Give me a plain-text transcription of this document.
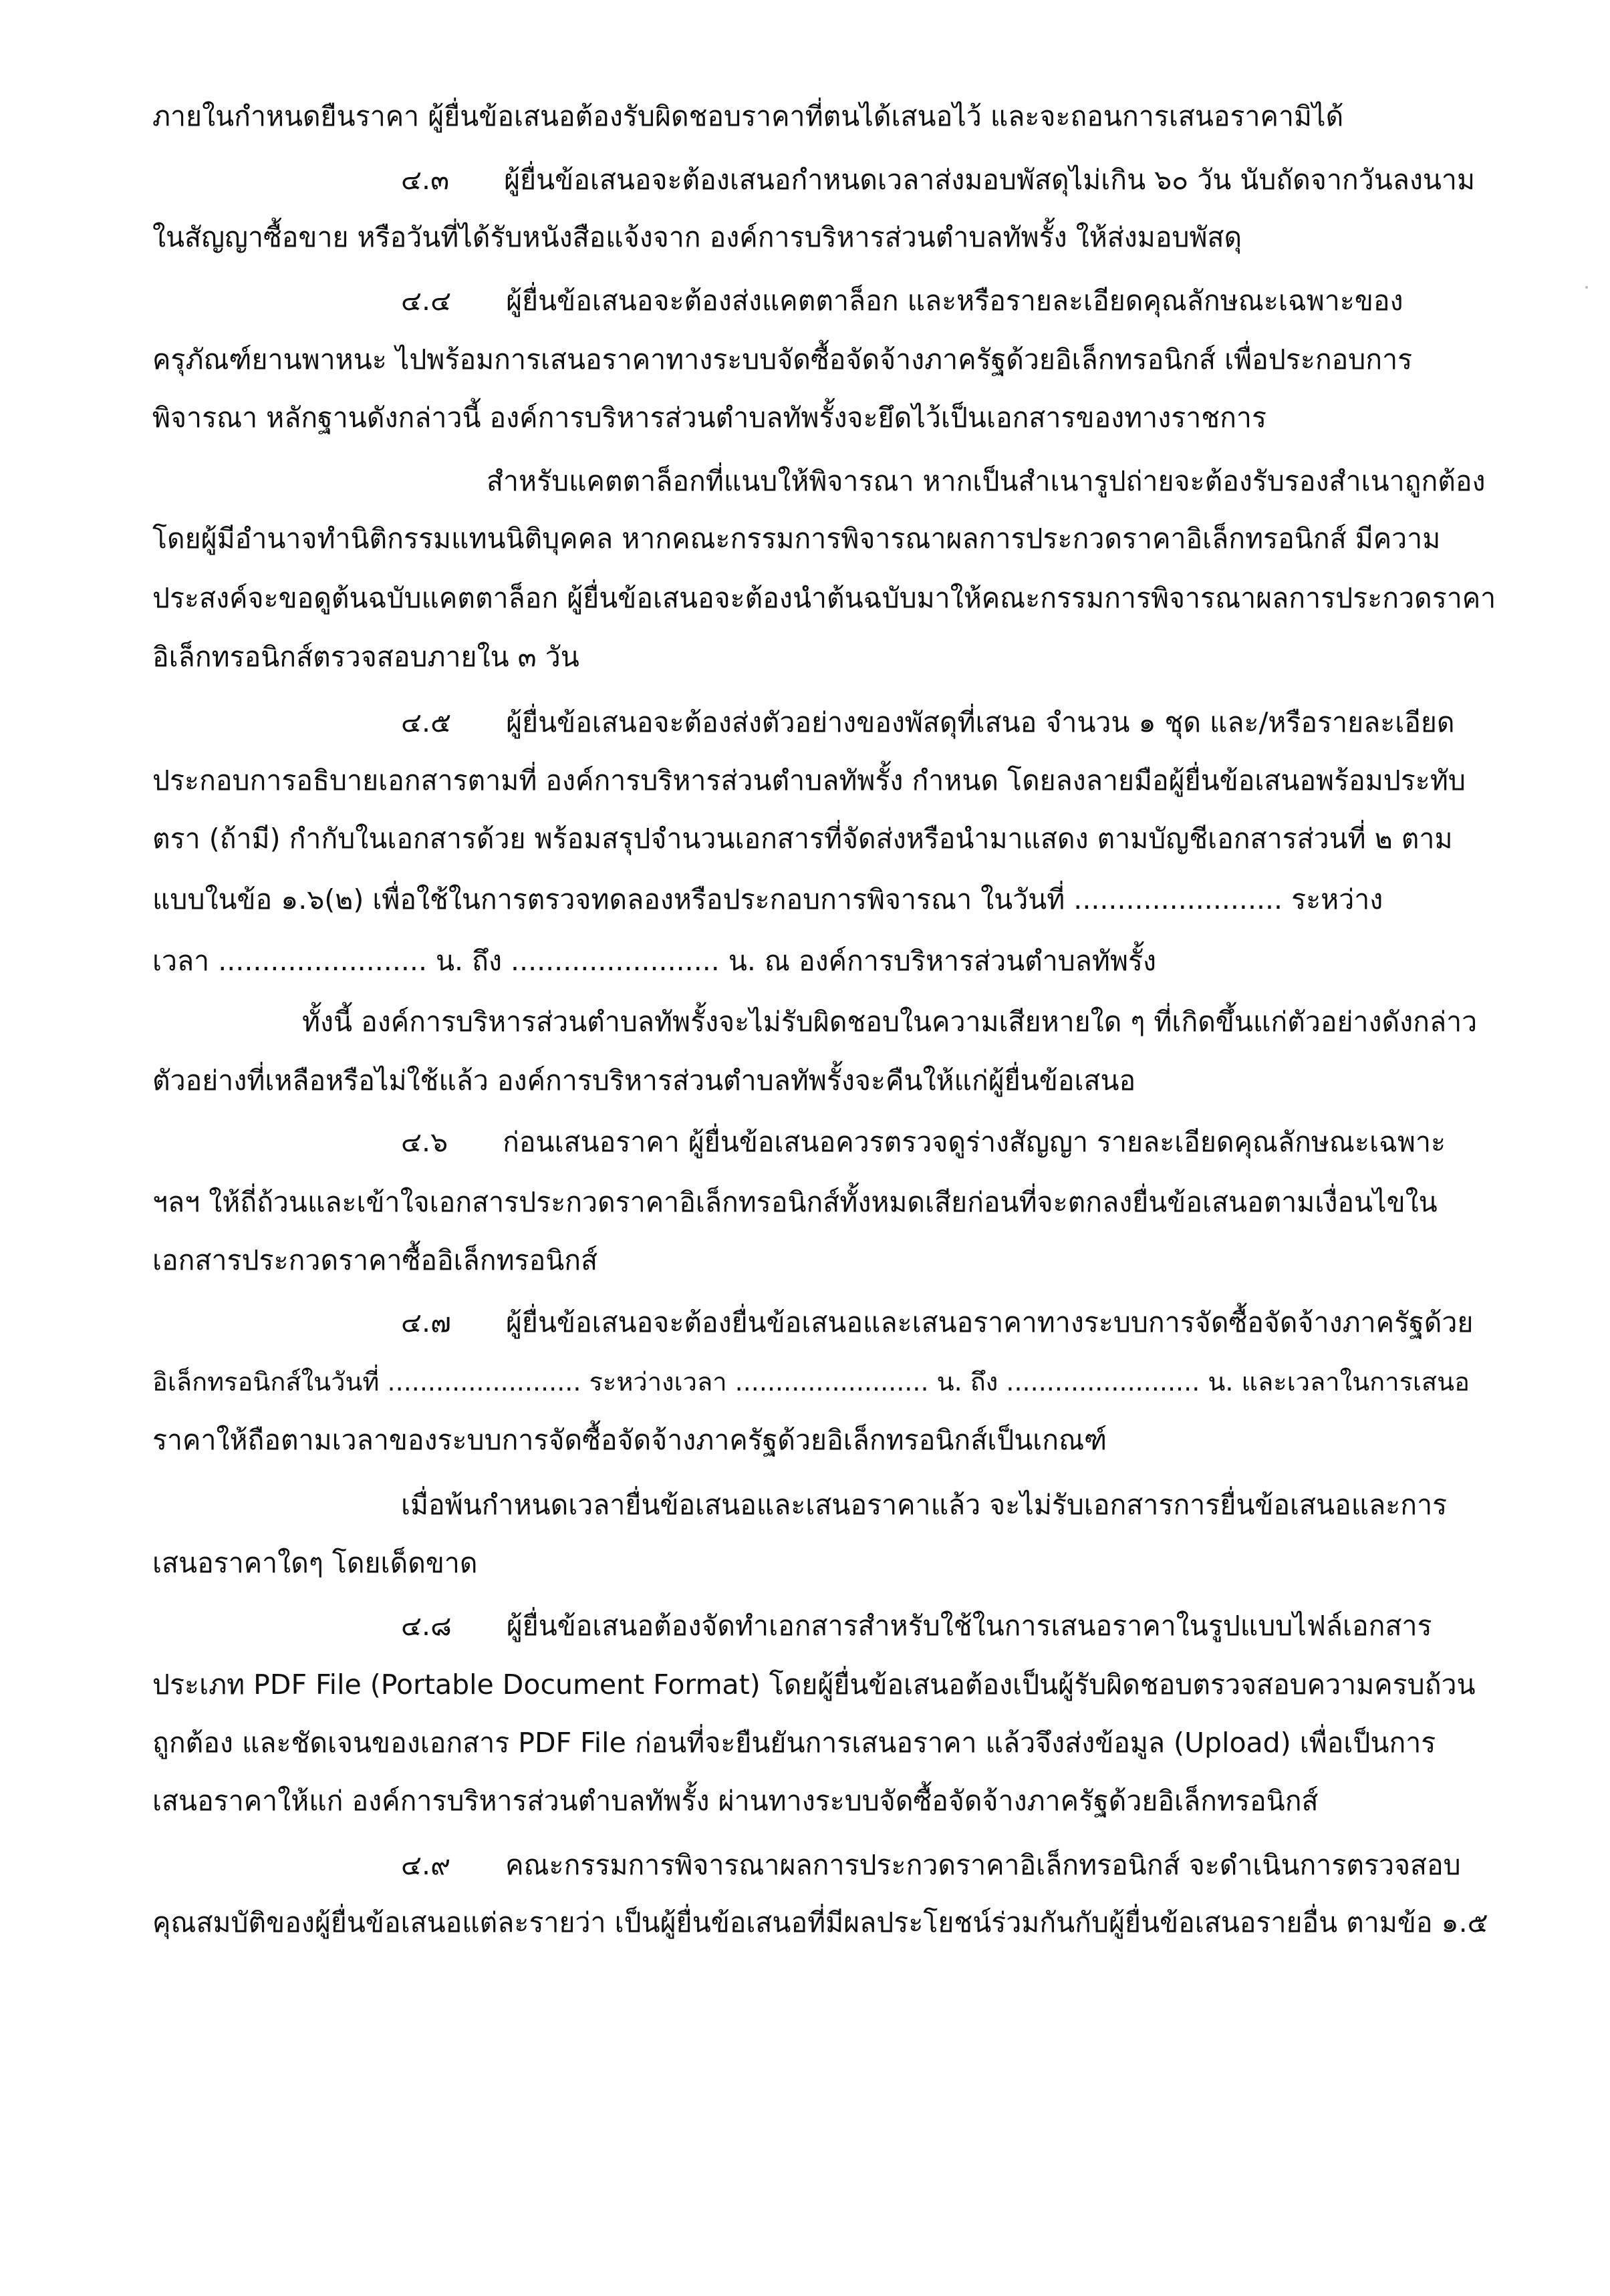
ภายในกำหนดยืนราคา ผู้ยื่นข้อเสนอต้องรับผิดชอบราคาที่ตนได้เสนอไว้ และจะถอนการเสนอราคามิได้
๔.๓  ผู้ยื่นข้อเสนอจะต้องเสนอกำหนดเวลาส่งมอบพัสดุไม่เกิน ๖๐ วัน นับถัดจากวันลงนาม
ในสัญญาซื้อขาย หรือวันที่ได้รับหนังสือแจ้งจาก องค์การบริหารส่วนตำบลทัพรั้ง ให้ส่งมอบพัสดุ
๔.๔  ผู้ยื่นข้อเสนอจะต้องส่งแคตตาล็อก และหรือรายละเอียดคุณลักษณะเฉพาะของ
ครุภัณฑ์ยานพาหนะ ไปพร้อมการเสนอราคาทางระบบจัดซื้อจัดจ้างภาครัฐด้วยอิเล็กทรอนิกส์ เพื่อประกอบการ
พิจารณา หลักฐานดังกล่าวนี้ องค์การบริหารส่วนตำบลทัพรั้งจะยึดไว้เป็นเอกสารของทางราชการ
สำหรับแคตตาล็อกที่แนบให้พิจารณา หากเป็นสำเนารูปถ่ายจะต้องรับรองสำเนาถูกต้อง
โดยผู้มีอำนาจทำนิติกรรมแทนนิติบุคคล หากคณะกรรมการพิจารณาผลการประกวดราคาอิเล็กทรอนิกส์ มีความ
ประสงค์จะขอดูต้นฉบับแคตตาล็อก ผู้ยื่นข้อเสนอจะต้องนำต้นฉบับมาให้คณะกรรมการพิจารณาผลการประกวดราคา
อิเล็กทรอนิกส์ตรวจสอบภายใน ๓ วัน
๔.๕  ผู้ยื่นข้อเสนอจะต้องส่งตัวอย่างของพัสดุที่เสนอ จำนวน ๑ ชุด และ/หรือรายละเอียด
ประกอบการอธิบายเอกสารตามที่ องค์การบริหารส่วนตำบลทัพรั้ง กำหนด โดยลงลายมือผู้ยื่นข้อเสนอพร้อมประทับ
ตรา (ถ้ามี) กำกับในเอกสารด้วย พร้อมสรุปจำนวนเอกสารที่จัดส่งหรือนำมาแสดง ตามบัญชีเอกสารส่วนที่ ๒ ตาม
แบบในข้อ ๑.๖(๒) เพื่อใช้ในการตรวจทดลองหรือประกอบการพิจารณา ในวันที่ ........................ ระหว่าง
เวลา ........................ น. ถึง ........................ น. ณ องค์การบริหารส่วนตำบลทัพรั้ง
ทั้งนี้ องค์การบริหารส่วนตำบลทัพรั้งจะไม่รับผิดชอบในความเสียหายใด ๆ ที่เกิดขึ้นแก่ตัวอย่างดังกล่าว
ตัวอย่างที่เหลือหรือไม่ใช้แล้ว องค์การบริหารส่วนตำบลทัพรั้งจะคืนให้แก่ผู้ยื่นข้อเสนอ
๔.๖  ก่อนเสนอราคา ผู้ยื่นข้อเสนอควรตรวจดูร่างสัญญา รายละเอียดคุณลักษณะเฉพาะ
ฯลฯ ให้ถี่ถ้วนและเข้าใจเอกสารประกวดราคาอิเล็กทรอนิกส์ทั้งหมดเสียก่อนที่จะตกลงยื่นข้อเสนอตามเงื่อนไขใน
เอกสารประกวดราคาซื้ออิเล็กทรอนิกส์
๔.๗  ผู้ยื่นข้อเสนอจะต้องยื่นข้อเสนอและเสนอราคาทางระบบการจัดซื้อจัดจ้างภาครัฐด้วย
อิเล็กทรอนิกส์ในวันที่ ........................ ระหว่างเวลา ........................ น. ถึง ........................ น. และเวลาในการเสนอ
ราคาให้ถือตามเวลาของระบบการจัดซื้อจัดจ้างภาครัฐด้วยอิเล็กทรอนิกส์เป็นเกณฑ์
เมื่อพ้นกำหนดเวลายื่นข้อเสนอและเสนอราคาแล้ว จะไม่รับเอกสารการยื่นข้อเสนอและการ
เสนอราคาใดๆ โดยเด็ดขาด
๔.๘  ผู้ยื่นข้อเสนอต้องจัดทำเอกสารสำหรับใช้ในการเสนอราคาในรูปแบบไฟล์เอกสาร
ประเภท PDF File (Portable Document Format) โดยผู้ยื่นข้อเสนอต้องเป็นผู้รับผิดชอบตรวจสอบความครบถ้วน
ถูกต้อง และชัดเจนของเอกสาร PDF File ก่อนที่จะยืนยันการเสนอราคา แล้วจึงส่งข้อมูล (Upload) เพื่อเป็นการ
เสนอราคาให้แก่ องค์การบริหารส่วนตำบลทัพรั้ง ผ่านทางระบบจัดซื้อจัดจ้างภาครัฐด้วยอิเล็กทรอนิกส์
๔.๙  คณะกรรมการพิจารณาผลการประกวดราคาอิเล็กทรอนิกส์ จะดำเนินการตรวจสอบ
คุณสมบัติของผู้ยื่นข้อเสนอแต่ละรายว่า เป็นผู้ยื่นข้อเสนอที่มีผลประโยชน์ร่วมกันกับผู้ยื่นข้อเสนอรายอื่น ตามข้อ ๑.๕
